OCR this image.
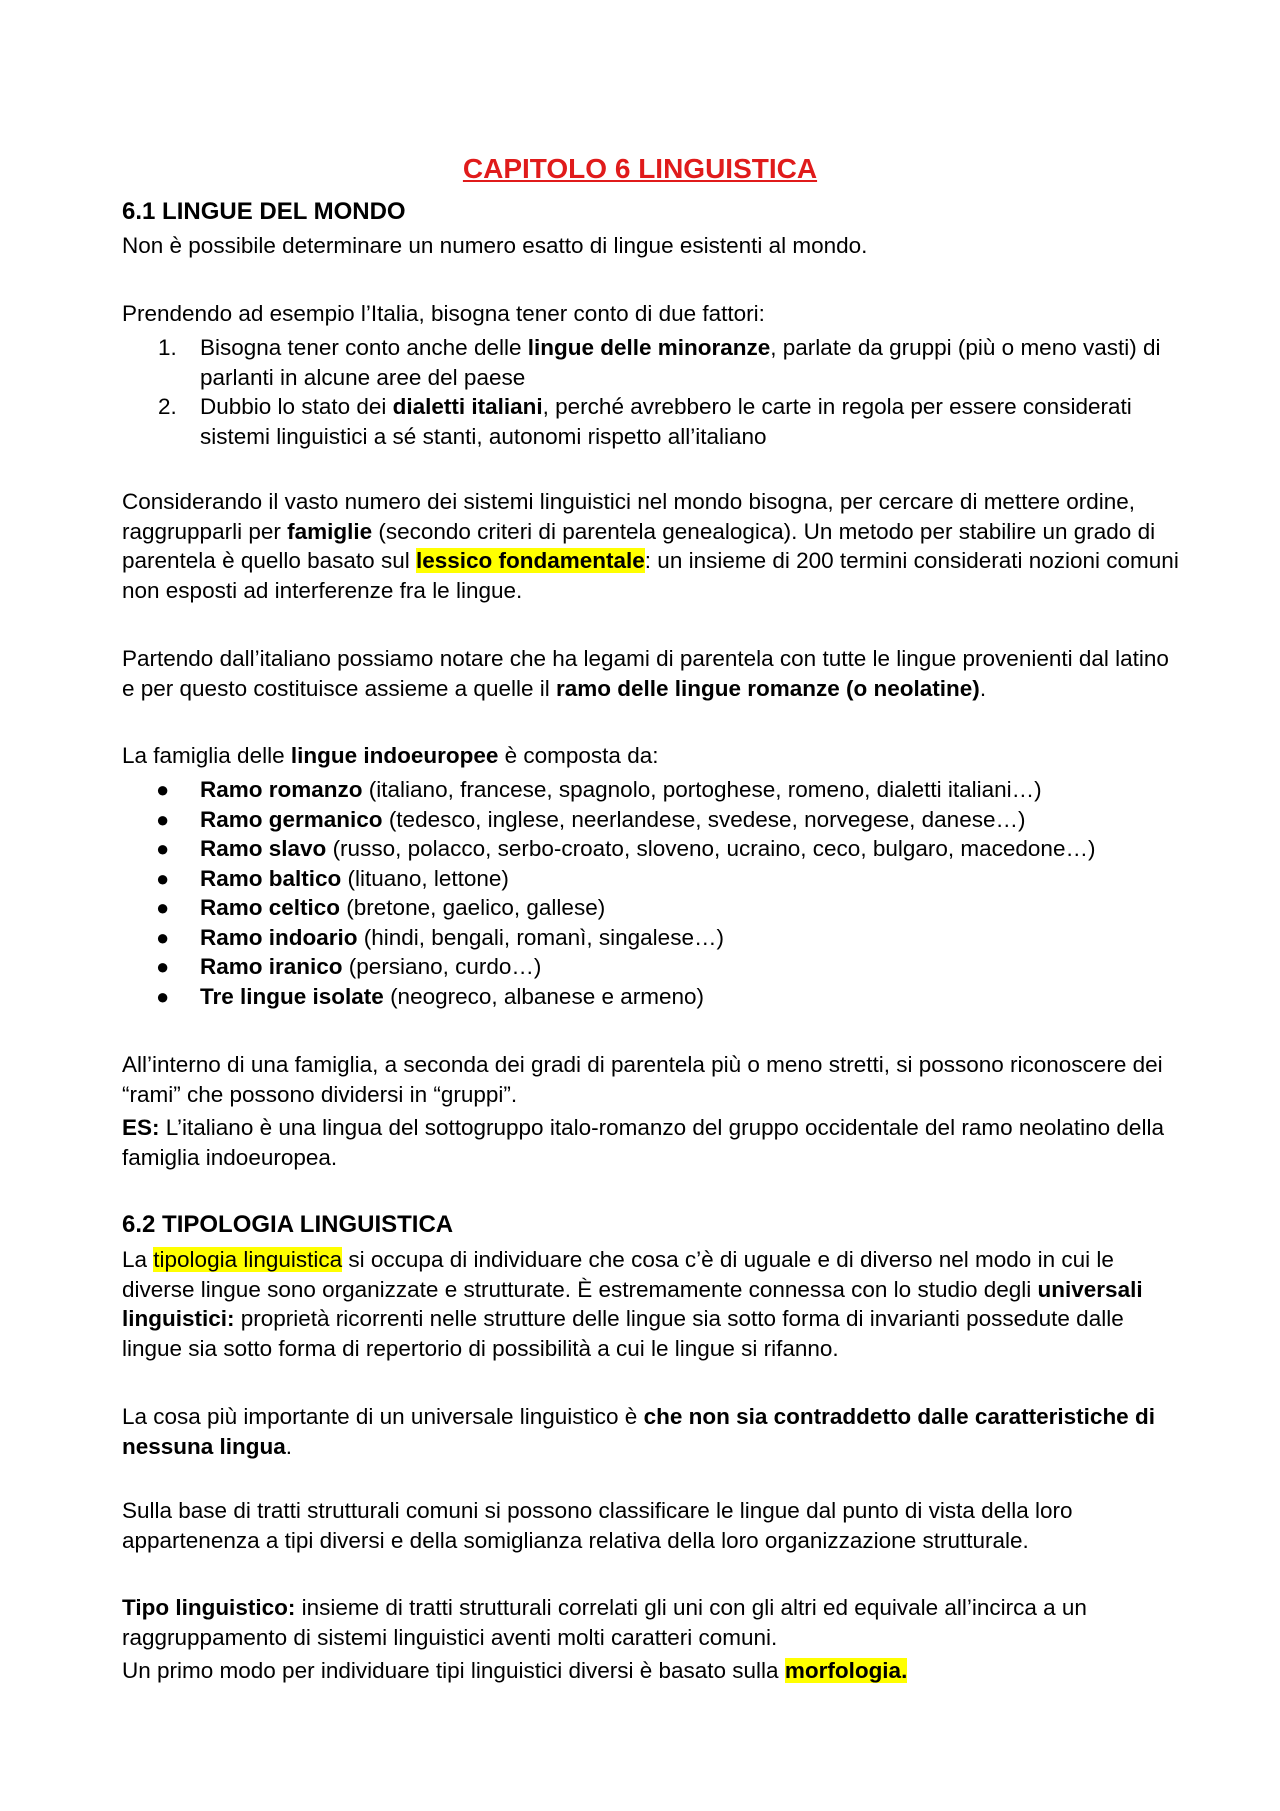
CAPITOLO 6 LINGUISTICA
6.1 LINGUE DEL MONDO
Non è possibile determinare un numero esatto di lingue esistenti al mondo.
Prendendo ad esempio l’Italia, bisogna tener conto di due fattori:
1. Bisogna tener conto anche delle lingue delle minoranze, parlate da gruppi (più o meno vasti) di parlanti in alcune aree del paese
2. Dubbio lo stato dei dialetti italiani, perché avrebbero le carte in regola per essere considerati sistemi linguistici a sé stanti, autonomi rispetto all’italiano
Considerando il vasto numero dei sistemi linguistici nel mondo bisogna, per cercare di mettere ordine, raggrupparli per famiglie (secondo criteri di parentela genealogica). Un metodo per stabilire un grado di parentela è quello basato sul lessico fondamentale: un insieme di 200 termini considerati nozioni comuni  non esposti ad interferenze fra le lingue.
Partendo dall’italiano possiamo notare che ha legami di parentela con tutte le lingue provenienti dal latino e per questo costituisce assieme a quelle il ramo delle lingue romanze (o neolatine).
La famiglia delle lingue indoeuropee è composta da:
● Ramo romanzo (italiano, francese, spagnolo, portoghese, romeno, dialetti italiani…)
● Ramo germanico (tedesco, inglese, neerlandese, svedese, norvegese, danese…)
● Ramo slavo (russo, polacco, serbo-croato, sloveno, ucraino, ceco, bulgaro, macedone…)
● Ramo baltico (lituano, lettone)
● Ramo celtico (bretone, gaelico, gallese)
● Ramo indoario (hindi, bengali, romanì, singalese…)
● Ramo iranico (persiano, curdo…)
● Tre lingue isolate (neogreco, albanese e armeno)
All’interno di una famiglia, a seconda dei gradi di parentela più o meno stretti, si possono riconoscere dei “rami” che possono dividersi in “gruppi”.
ES: L’italiano è una lingua del sottogruppo italo-romanzo del gruppo occidentale del ramo neolatino della famiglia indoeuropea.
6.2 TIPOLOGIA LINGUISTICA
La tipologia linguistica si occupa di individuare che cosa c’è di uguale e di diverso nel modo in cui le diverse lingue sono organizzate e strutturate. È estremamente connessa con lo studio degli universali linguistici: proprietà ricorrenti nelle strutture delle lingue sia sotto forma di invarianti possedute dalle lingue sia sotto forma di repertorio di possibilità a cui le lingue si rifanno.
La cosa più importante di un universale linguistico è che non sia contraddetto dalle caratteristiche di nessuna lingua.
Sulla base di tratti strutturali comuni si possono classificare le lingue dal punto di vista della loro appartenenza a tipi diversi e della somiglianza relativa della loro organizzazione strutturale.
Tipo linguistico: insieme di tratti strutturali correlati gli uni con gli altri ed equivale all’incirca a un raggruppamento di sistemi linguistici aventi molti caratteri comuni.
Un primo modo per individuare tipi linguistici diversi è basato sulla morfologia.
